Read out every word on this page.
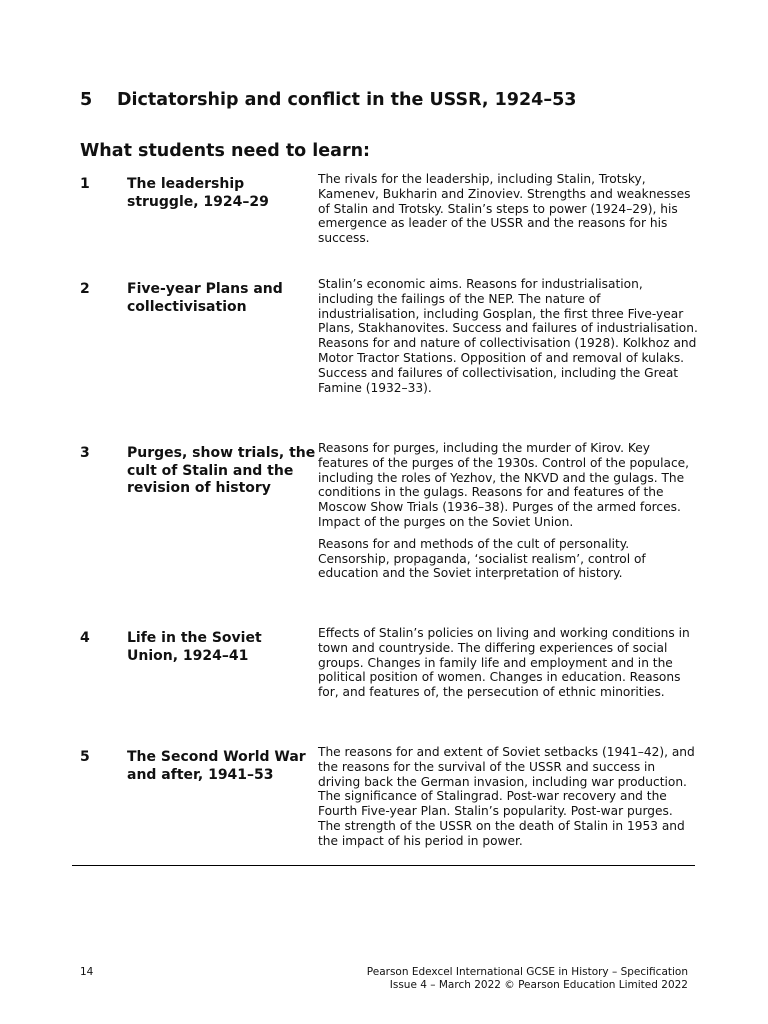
5 Dictatorship and conflict in the USSR, 1924–53
What students need to learn:
1	The leadership struggle, 1924–29

The rivals for the leadership, including Stalin, Trotsky, Kamenev, Bukharin and Zinoviev. Strengths and weaknesses of Stalin and Trotsky. Stalin’s steps to power (1924–29), his emergence as leader of the USSR and the reasons for his success.

2	Five-year Plans and collectivisation

Stalin’s economic aims. Reasons for industrialisation, including the failings of the NEP. The nature of industrialisation, including Gosplan, the first three Five-year Plans, Stakhanovites. Success and failures of industrialisation. Reasons for and nature of collectivisation (1928). Kolkhoz and Motor Tractor Stations. Opposition of and removal of kulaks. Success and failures of collectivisation, including the Great Famine (1932–33).

3	Purges, show trials, the cult of Stalin and the revision of history

Reasons for purges, including the murder of Kirov. Key features of the purges of the 1930s. Control of the populace, including the roles of Yezhov, the NKVD and the gulags. The conditions in the gulags. Reasons for and features of the Moscow Show Trials (1936–38). Purges of the armed forces. Impact of the purges on the Soviet Union.

Reasons for and methods of the cult of personality. Censorship, propaganda, ‘socialist realism’, control of education and the Soviet interpretation of history.

4	Life in the Soviet Union, 1924–41

Effects of Stalin’s policies on living and working conditions in town and countryside. The differing experiences of social groups. Changes in family life and employment and in the political position of women. Changes in education. Reasons for, and features of, the persecution of ethnic minorities.

5	The Second World War and after, 1941–53

The reasons for and extent of Soviet setbacks (1941–42), and the reasons for the survival of the USSR and success in driving back the German invasion, including war production. The significance of Stalingrad. Post-war recovery and the Fourth Five-year Plan. Stalin’s popularity. Post-war purges. The strength of the USSR on the death of Stalin in 1953 and the impact of his period in power.

14	Pearson Edexcel International GCSE in History – Specification
Issue 4 – March 2022 © Pearson Education Limited 2022
